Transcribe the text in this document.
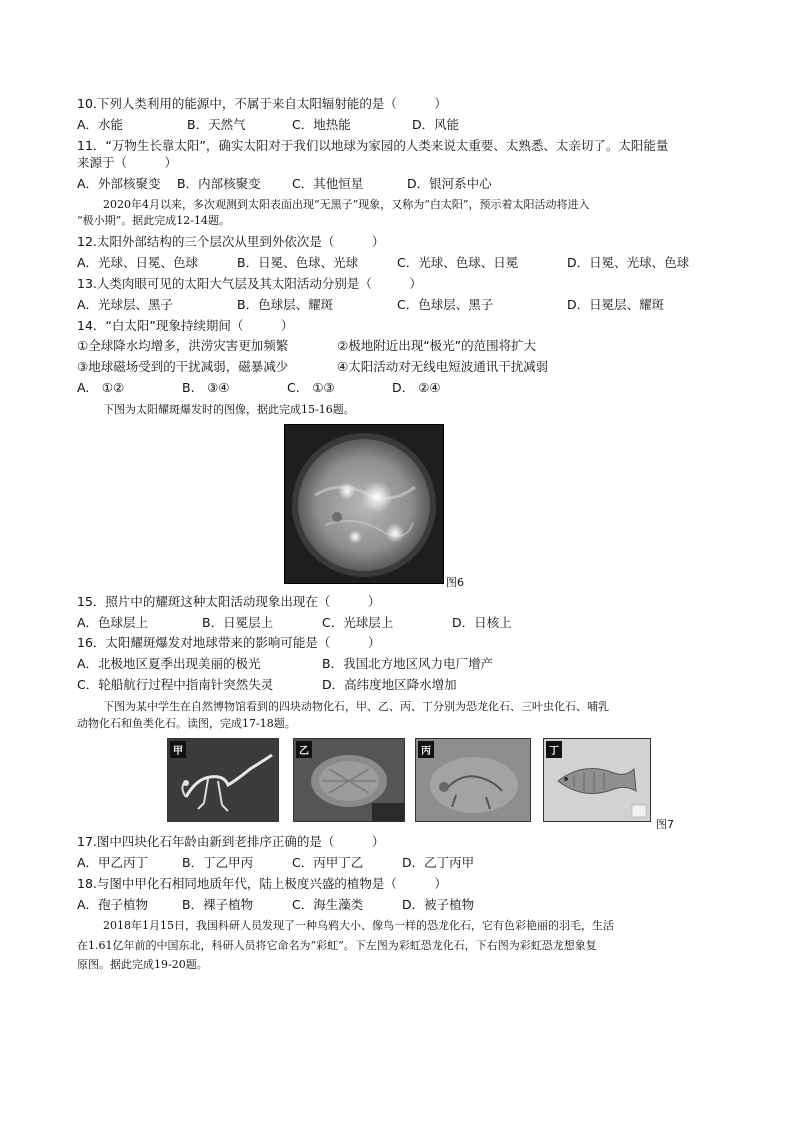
10.下列人类利用的能源中，不属于来自太阳辐射能的是（　　　）
A．水能	B．天然气	C．地热能	D．风能
11．“万物生长靠太阳”，确实太阳对于我们以地球为家园的人类来说太重要、太熟悉、太亲切了。太阳能量
来源于（　　　）
A．外部核聚变 B．内部核聚变	C．其他恒星	D．银河系中心
2020年4月以来，多次观测到太阳表面出现“无黑子”现象，又称为“白太阳”，预示着太阳活动将进入
“极小期”。据此完成12-14题。
12.太阳外部结构的三个层次从里到外依次是（　　　）
A．光球、日冕、色球	B．日冕、色球、光球	C．光球、色球、日冕	D．日冕、光球、色球
13.人类肉眼可见的太阳大气层及其太阳活动分别是（　　　）
A．光球层、黑子	B．色球层、耀斑	C．色球层、黑子	D．日冕层、耀斑
14．“白太阳”现象持续期间（　　　）
①全球降水均增多，洪涝灾害更加频繁	②极地附近出现“极光”的范围将扩大
③地球磁场受到的干扰减弱，磁暴减少	④太阳活动对无线电短波通讯干扰减弱
A.　①②	B.　③④	C.　①③	D.　②④
下图为太阳耀斑爆发时的图像，据此完成15-16题。
图6
15．照片中的耀斑这种太阳活动现象出现在（　　　）
A．色球层上	B．日冕层上	C．光球层上	D．日核上
16．太阳耀斑爆发对地球带来的影响可能是（　　　）
A．北极地区夏季出现美丽的极光	B．我国北方地区风力电厂增产
C．轮船航行过程中指南针突然失灵	D．高纬度地区降水增加
下图为某中学生在自然博物馆看到的四块动物化石，甲、乙、丙、丁分别为恐龙化石、三叶虫化石、哺乳
动物化石和鱼类化石。读图，完成17-18题。
甲	乙	丙	丁
图7
17.图中四块化石年龄由新到老排序正确的是（　　　）
A．甲乙丙丁	B．丁乙甲丙	C．丙甲丁乙	D．乙丁丙甲
18.与图中甲化石相同地质年代，陆上极度兴盛的植物是（　　　）
A．孢子植物	B．裸子植物	C．海生藻类	D．被子植物
2018年1月15日，我国科研人员发现了一种乌鸦大小、像鸟一样的恐龙化石，它有色彩艳丽的羽毛，生活
在1.61亿年前的中国东北，科研人员将它命名为“彩虹”。下左图为彩虹恐龙化石，下右图为彩虹恐龙想象复
原图。据此完成19-20题。
